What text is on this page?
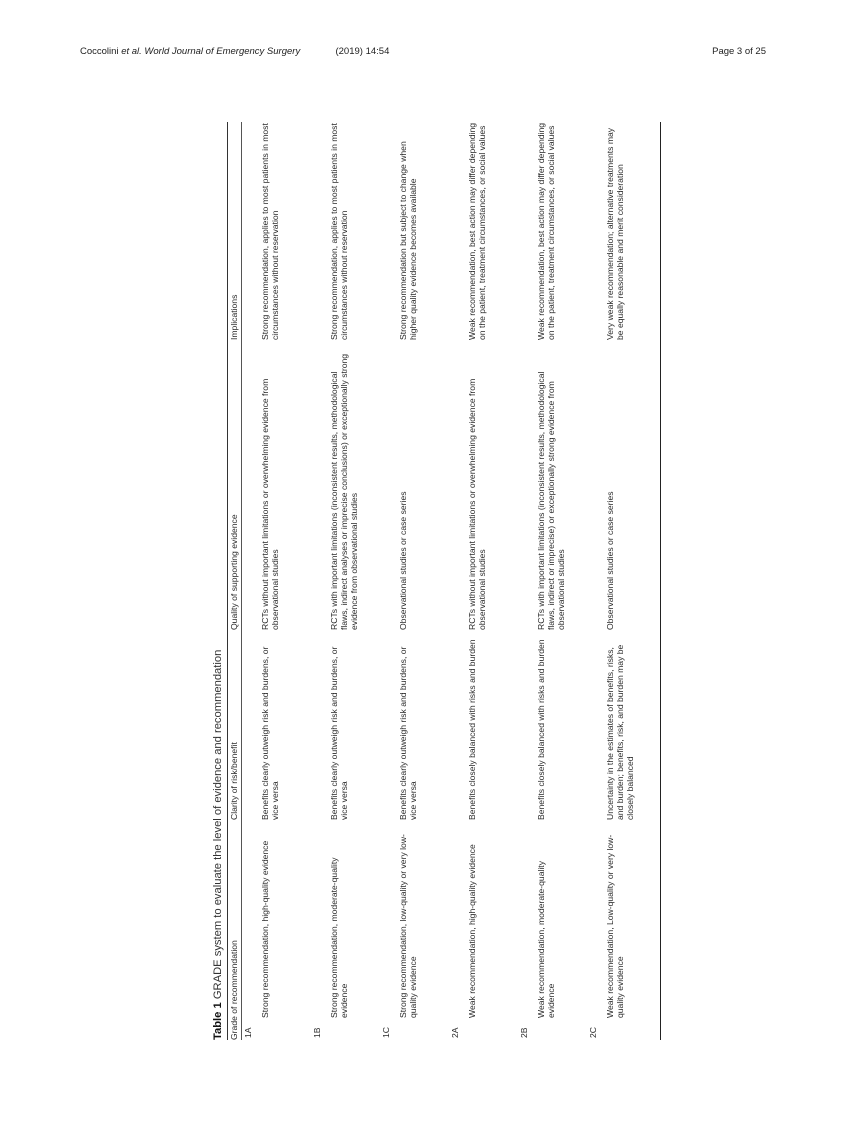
Coccolini et al. World Journal of Emergency Surgery	(2019) 14:54	Page 3 of 25
Table 1 GRADE system to evaluate the level of evidence and recommendation Grade of recommendation
Clarity of risk/benefit
Quality of supporting evidence
Implications
1A
Strong recommendation, high-quality evidence
Benefits clearly outweigh risk and burdens, or vice versa
RCTs without important limitations or overwhelming evidence from observational studies
Strong recommendation, applies to most patients in most circumstances without reservation
1B
Strong recommendation, moderate-quality evidence
Benefits clearly outweigh risk and burdens, or vice versa
RCTs with important limitations (inconsistent results, methodological flaws, indirect analyses or imprecise conclusions) or exceptionally strong evidence from observational studies
Strong recommendation, applies to most patients in most circumstances without reservation
1C
Strong recommendation, low-quality or very low-quality evidence
Benefits clearly outweigh risk and burdens, or vice versa
Observational studies or case series
Strong recommendation but subject to change when higher quality evidence becomes available
2A
Weak recommendation, high-quality evidence
Benefits closely balanced with risks and burden
RCTs without important limitations or overwhelming evidence from observational studies
Weak recommendation, best action may differ depending on the patient, treatment circumstances, or social values
2B
Weak recommendation, moderate-quality evidence
Benefits closely balanced with risks and burden
RCTs with important limitations (inconsistent results, methodological flaws, indirect or imprecise) or exceptionally strong evidence from observational studies
Weak recommendation, best action may differ depending on the patient, treatment circumstances, or social values
2C
Weak recommendation, Low-quality or very low-quality evidence
Uncertainty in the estimates of benefits, risks, and burden; benefits, risk, and burden may be closely balanced
Observational studies or case series
Very weak recommendation; alternative treatments may be equally reasonable and merit consideration
